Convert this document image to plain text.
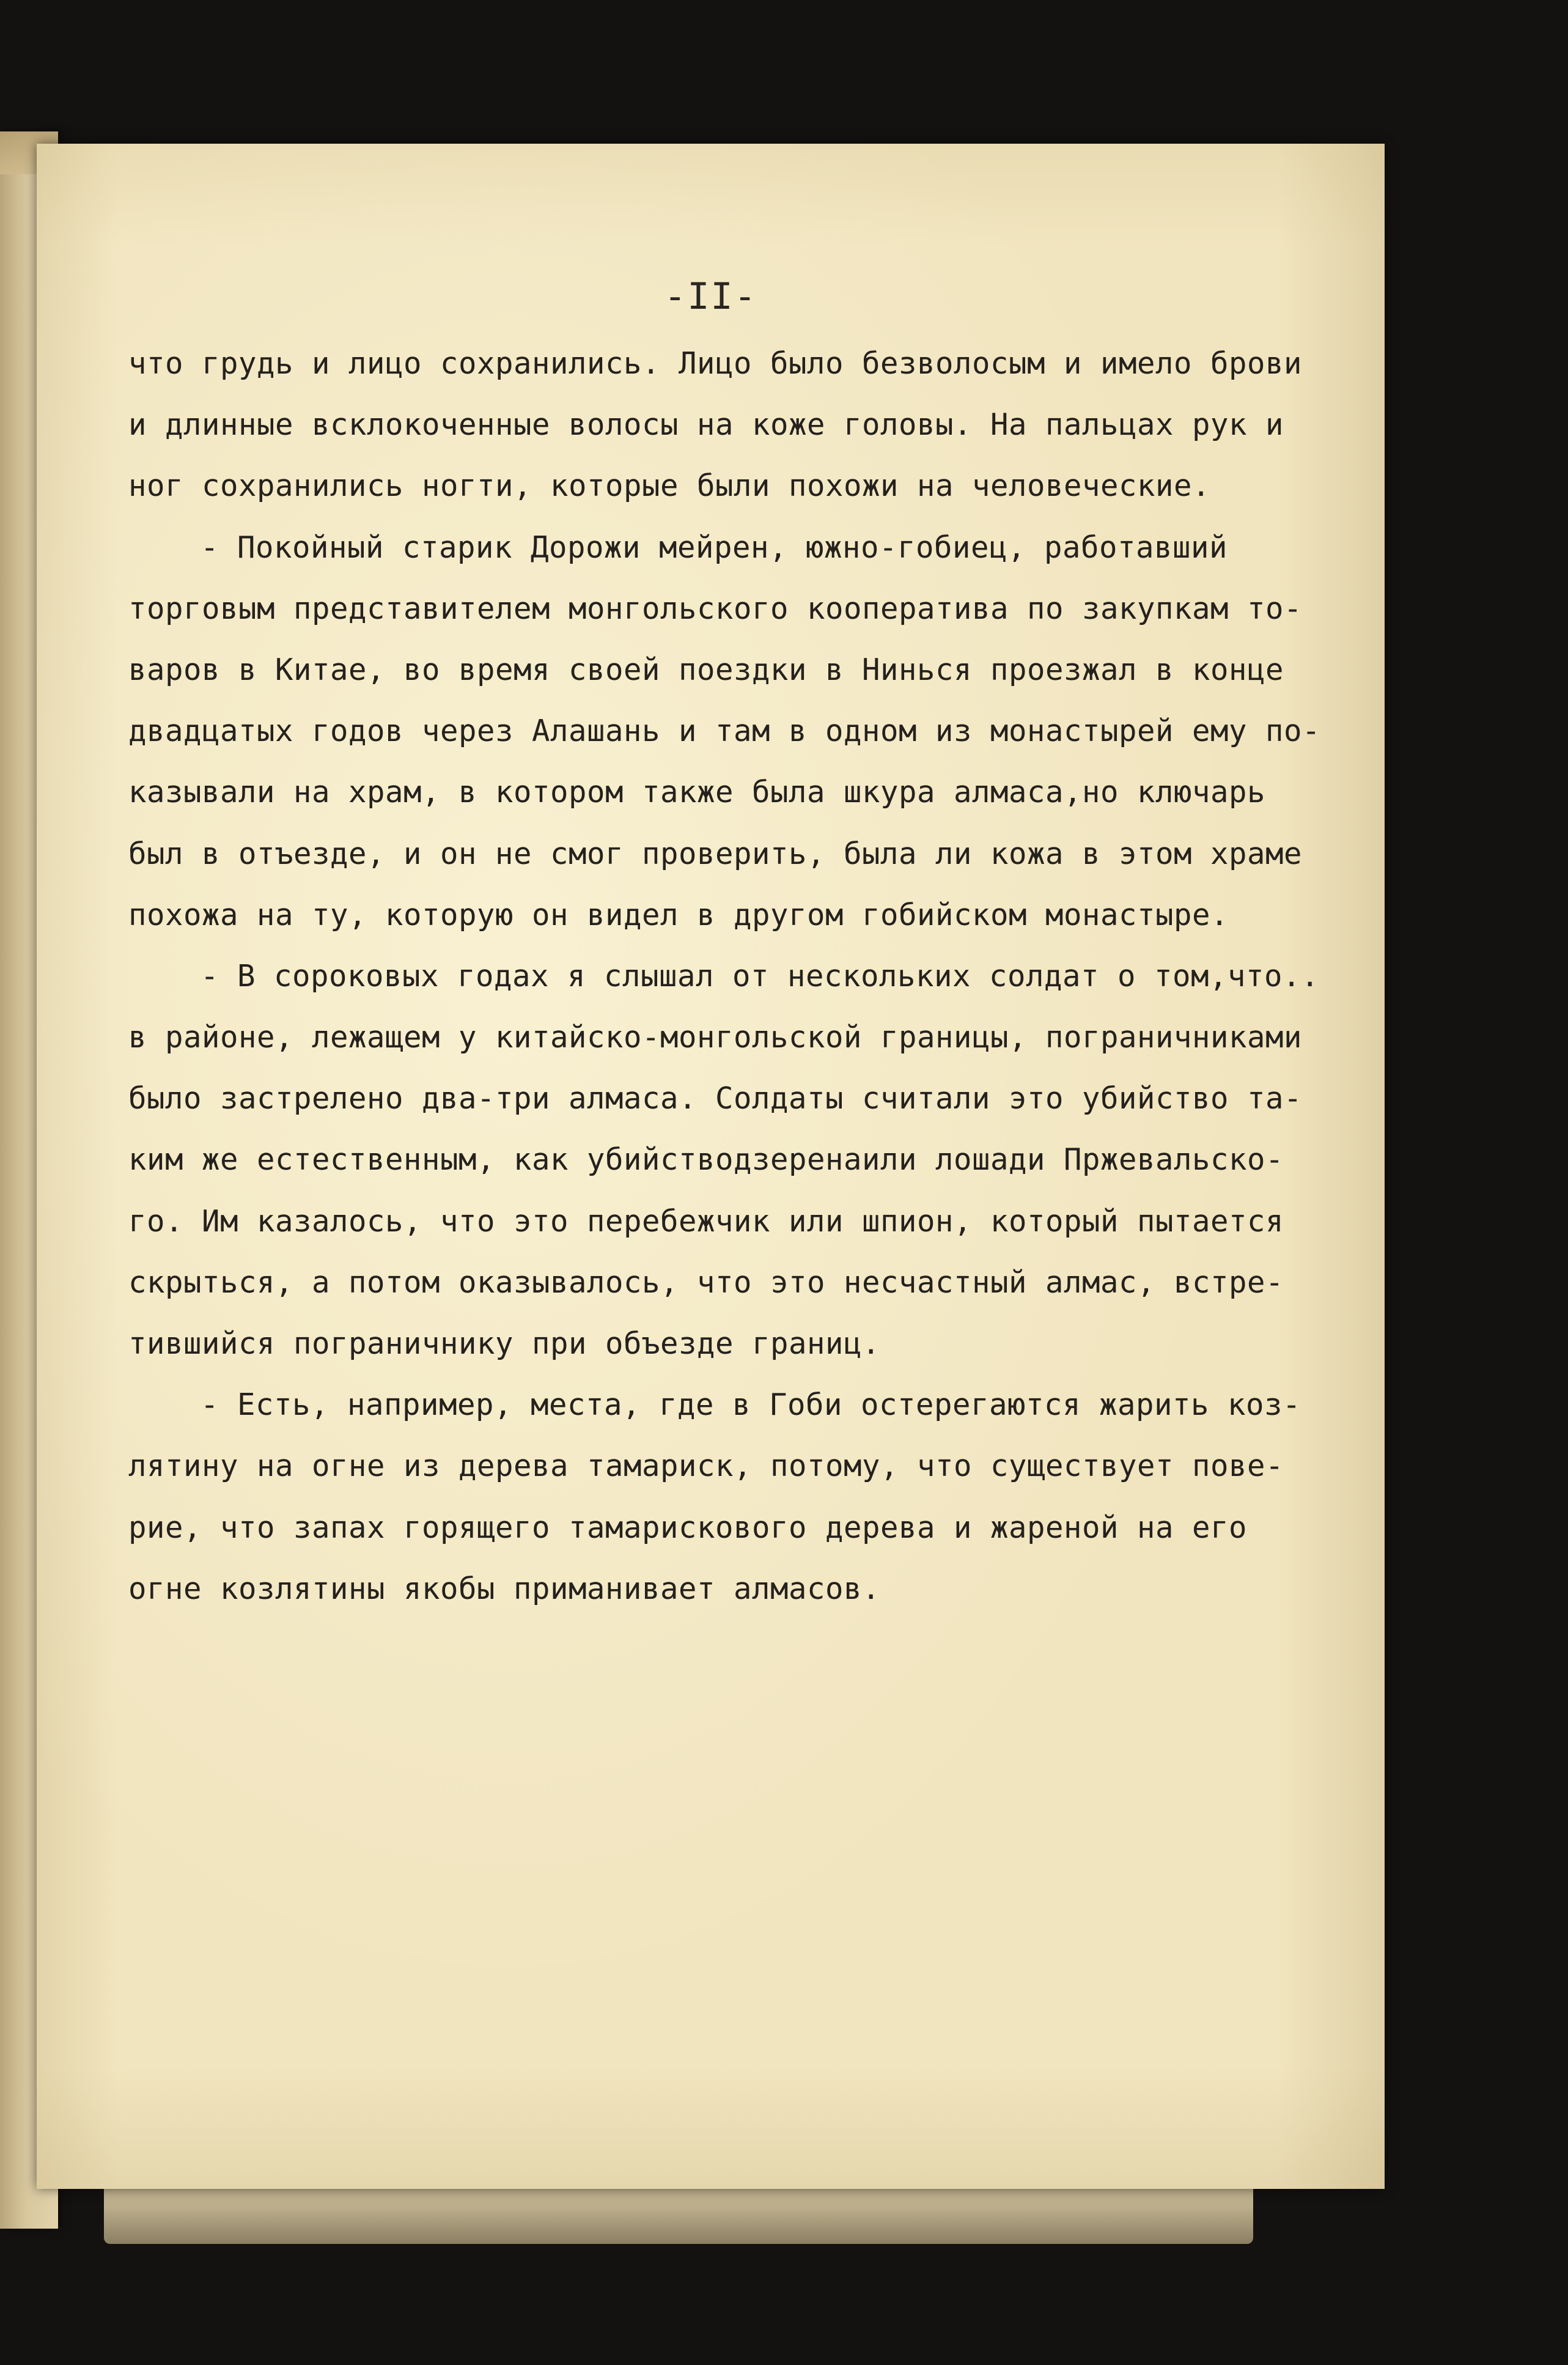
-II-
что грудь и лицо сохранились. Лицо было безволосым и имело брови
и длинные всклокоченные волосы на коже головы. На пальцах рук и
ног сохранились ногти, которые были похожи на человеческие.
- Покойный старик Дорожи мейрен, южно-гобиец, работавший
торговым представителем монгольского кооператива по закупкам то-
варов в Китае, во время своей поездки в Нинься проезжал в конце
двадцатых годов через Алашань и там в одном из монастырей ему по-
казывали на храм, в котором также была шкура алмаса,но ключарь
был в отъезде, и он не смог проверить, была ли кожа в этом храме
похожа на ту, которую он видел в другом гобийском монастыре.
- В сороковых годах я слышал от нескольких солдат о том,что..
в районе, лежащем у китайско-монгольской границы, пограничниками
было застрелено два-три алмаса. Солдаты считали это убийство та-
ким же естественным, как убийстводзеренаили лошади Пржевальско-
го. Им казалось, что это перебежчик или шпион, который пытается
скрыться, а потом оказывалось, что это несчастный алмас, встре-
тившийся пограничнику при объезде границ.
- Есть, например, места, где в Гоби остерегаются жарить коз-
лятину на огне из дерева тамариск, потому, что существует пове-
рие, что запах горящего тамарискового дерева и жареной на его
огне козлятины якобы приманивает алмасов.
